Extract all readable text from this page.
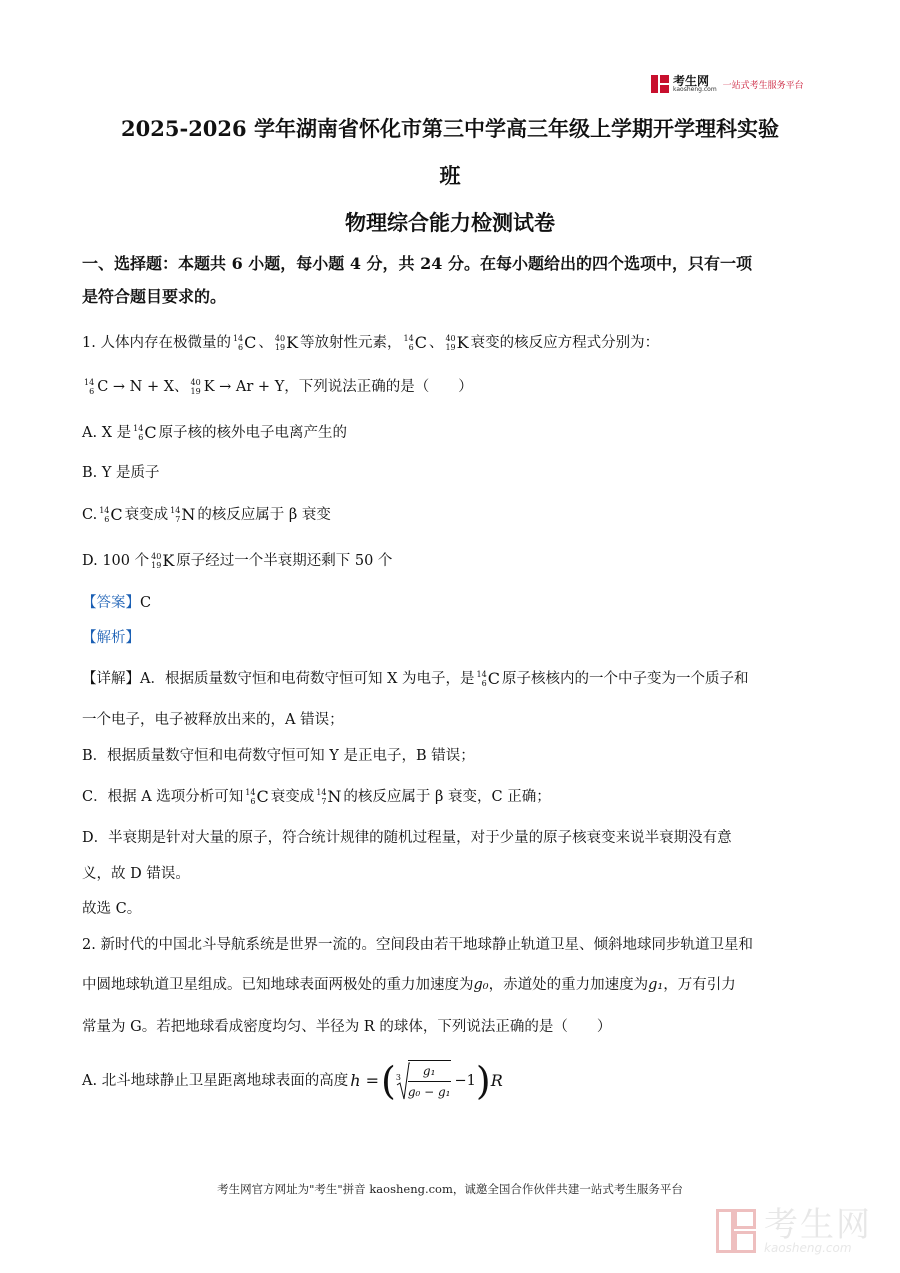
考生网
kaosheng.com 一站式考生服务平台
2025-2026 学年湖南省怀化市第三中学高三年级上学期开学理科实验
班
物理综合能力检测试卷
一、选择题：本题共 6 小题，每小题 4 分，共 24 分。在每小题给出的四个选项中，只有一项
是符合题目要求的。
1. 人体内存在极微量的 14
6C 、 40
19K 等放射性元素， 14
6C 、 40
19K 衰变的核反应方程式分别为：
14
6 C → N + X、 40
19 K → Ar + Y，下列说法正确的是（　　）
A. X 是 14
6C 原子核的核外电子电离产生的
B. Y 是质子
C. 14
6C 衰变成 14
7N 的核反应属于 β 衰变
D. 100 个 40
19K 原子经过一个半衰期还剩下 50 个
【答案】C
【解析】
【详解】A．根据质量数守恒和电荷数守恒可知 X 为电子，是 14
6C 原子核核内的一个中子变为一个质子和
一个电子，电子被释放出来的，A 错误；
B．根据质量数守恒和电荷数守恒可知 Y 是正电子，B 错误；
C．根据 A 选项分析可知 14
6C 衰变成 14
7N 的核反应属于 β 衰变，C 正确；
D．半衰期是针对大量的原子，符合统计规律的随机过程量，对于少量的原子核衰变来说半衰期没有意
义，故 D 错误。
故选 C。
2. 新时代的中国北斗导航系统是世界一流的。空间段由若干地球静止轨道卫星、倾斜地球同步轨道卫星和
中圆地球轨道卫星组成。已知地球表面两极处的重力加速度为g₀，赤道处的重力加速度为g₁，万有引力
常量为 G。若把地球看成密度均匀、半径为 R 的球体，下列说法正确的是（　　）
A. 北斗地球静止卫星距离地球表面的高度 h = ( $3 \frac{\text{g₁}}{\text{g₀ − g₁}} -1$ ) R
考生网官方网址为"考生"拼音 kaosheng.com，诚邀全国合作伙伴共建一站式考生服务平台
考生网
kaosheng.com
